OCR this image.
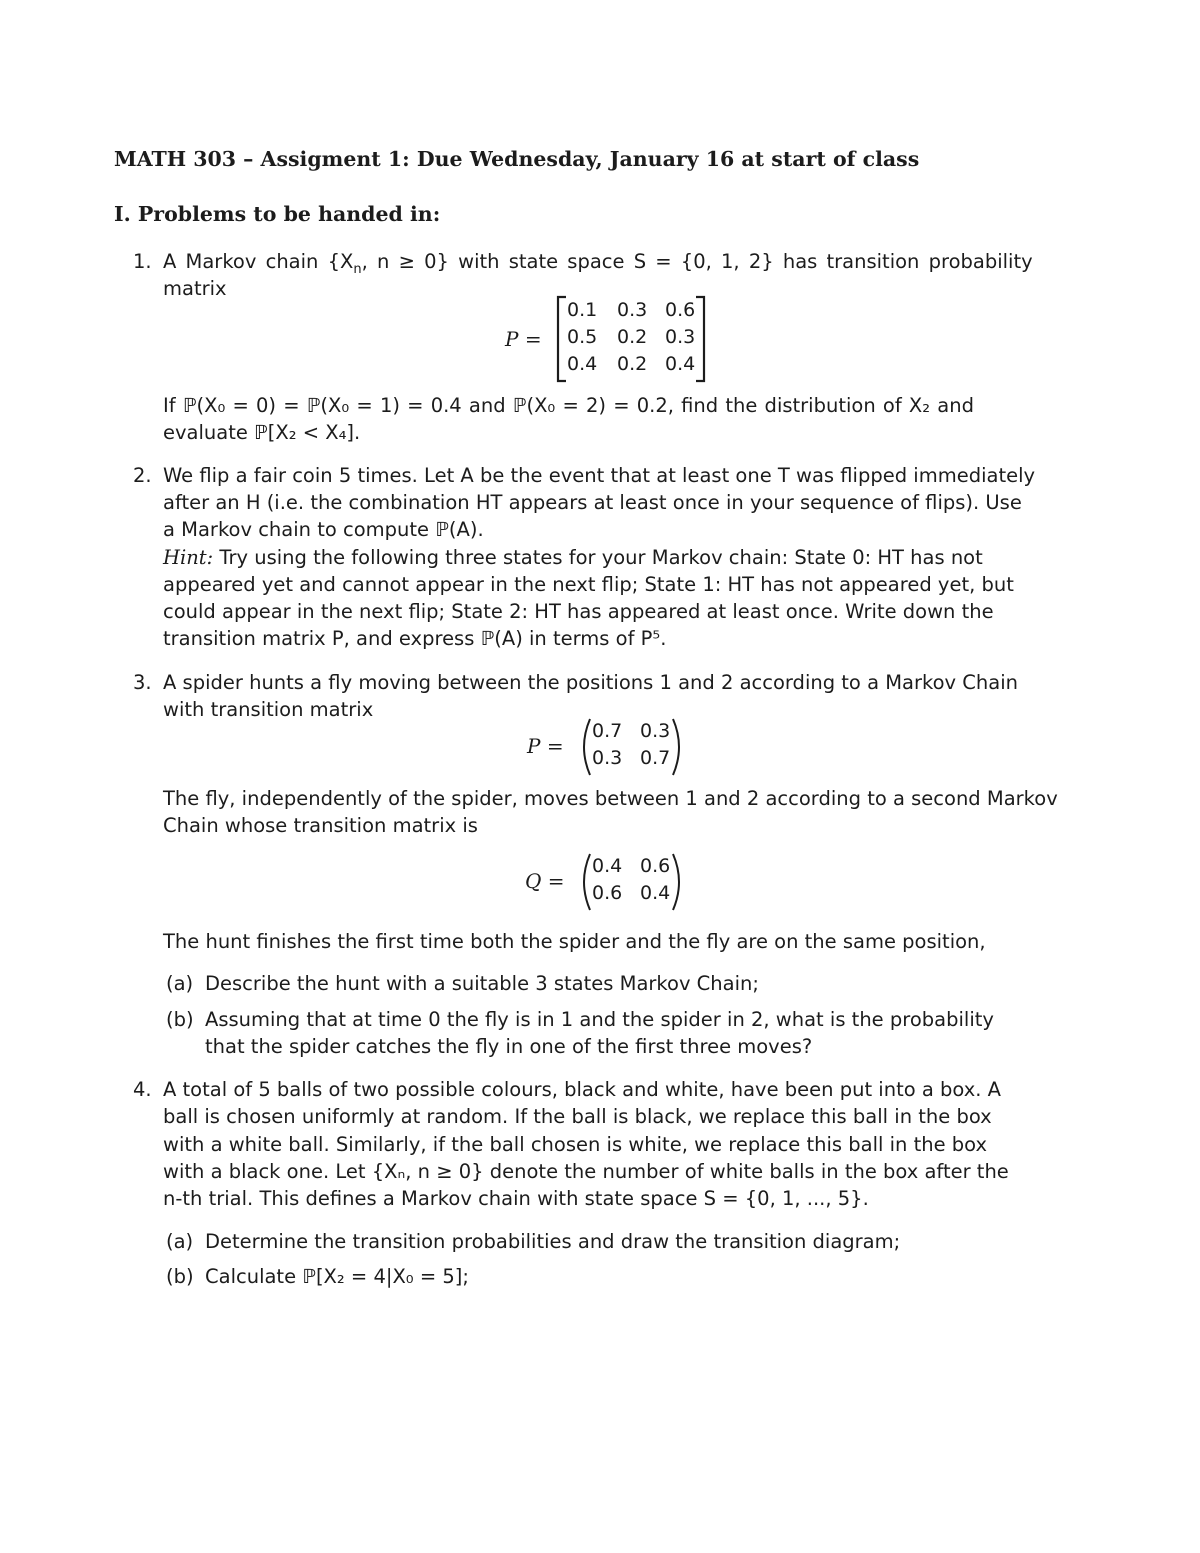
MATH 303 – Assigment 1: Due Wednesday, January 16 at start of class
I. Problems to be handed in:
1. A Markov chain {$X_n$, n ≥ 0} with state space S = {0, 1, 2} has transition probability
matrix
P =
0.1 0.3 0.6
0.5 0.2 0.3
0.4 0.2 0.4
If ℙ(X₀ = 0) = ℙ(X₀ = 1) = 0.4 and ℙ(X₀ = 2) = 0.2, find the distribution of X₂ and
evaluate ℙ[X₂ < X₄].
2. We flip a fair coin 5 times. Let A be the event that at least one T was flipped immediately
after an H (i.e. the combination HT appears at least once in your sequence of flips). Use
a Markov chain to compute ℙ(A).
Hint: Try using the following three states for your Markov chain: State 0: HT has not
appeared yet and cannot appear in the next flip; State 1: HT has not appeared yet, but
could appear in the next flip; State 2: HT has appeared at least once. Write down the
transition matrix P, and express ℙ(A) in terms of P⁵.
3. A spider hunts a fly moving between the positions 1 and 2 according to a Markov Chain
with transition matrix
P =
0.7 0.3
0.3 0.7
The fly, independently of the spider, moves between 1 and 2 according to a second Markov
Chain whose transition matrix is
Q =
0.4 0.6
0.6 0.4
The hunt finishes the first time both the spider and the fly are on the same position,
(a) Describe the hunt with a suitable 3 states Markov Chain;
(b) Assuming that at time 0 the fly is in 1 and the spider in 2, what is the probability
that the spider catches the fly in one of the first three moves?
4. A total of 5 balls of two possible colours, black and white, have been put into a box. A
ball is chosen uniformly at random. If the ball is black, we replace this ball in the box
with a white ball. Similarly, if the ball chosen is white, we replace this ball in the box
with a black one. Let {Xₙ, n ≥ 0} denote the number of white balls in the box after the
n-th trial. This defines a Markov chain with state space S = {0, 1, ..., 5}.
(a) Determine the transition probabilities and draw the transition diagram;
(b) Calculate ℙ[X₂ = 4|X₀ = 5];
